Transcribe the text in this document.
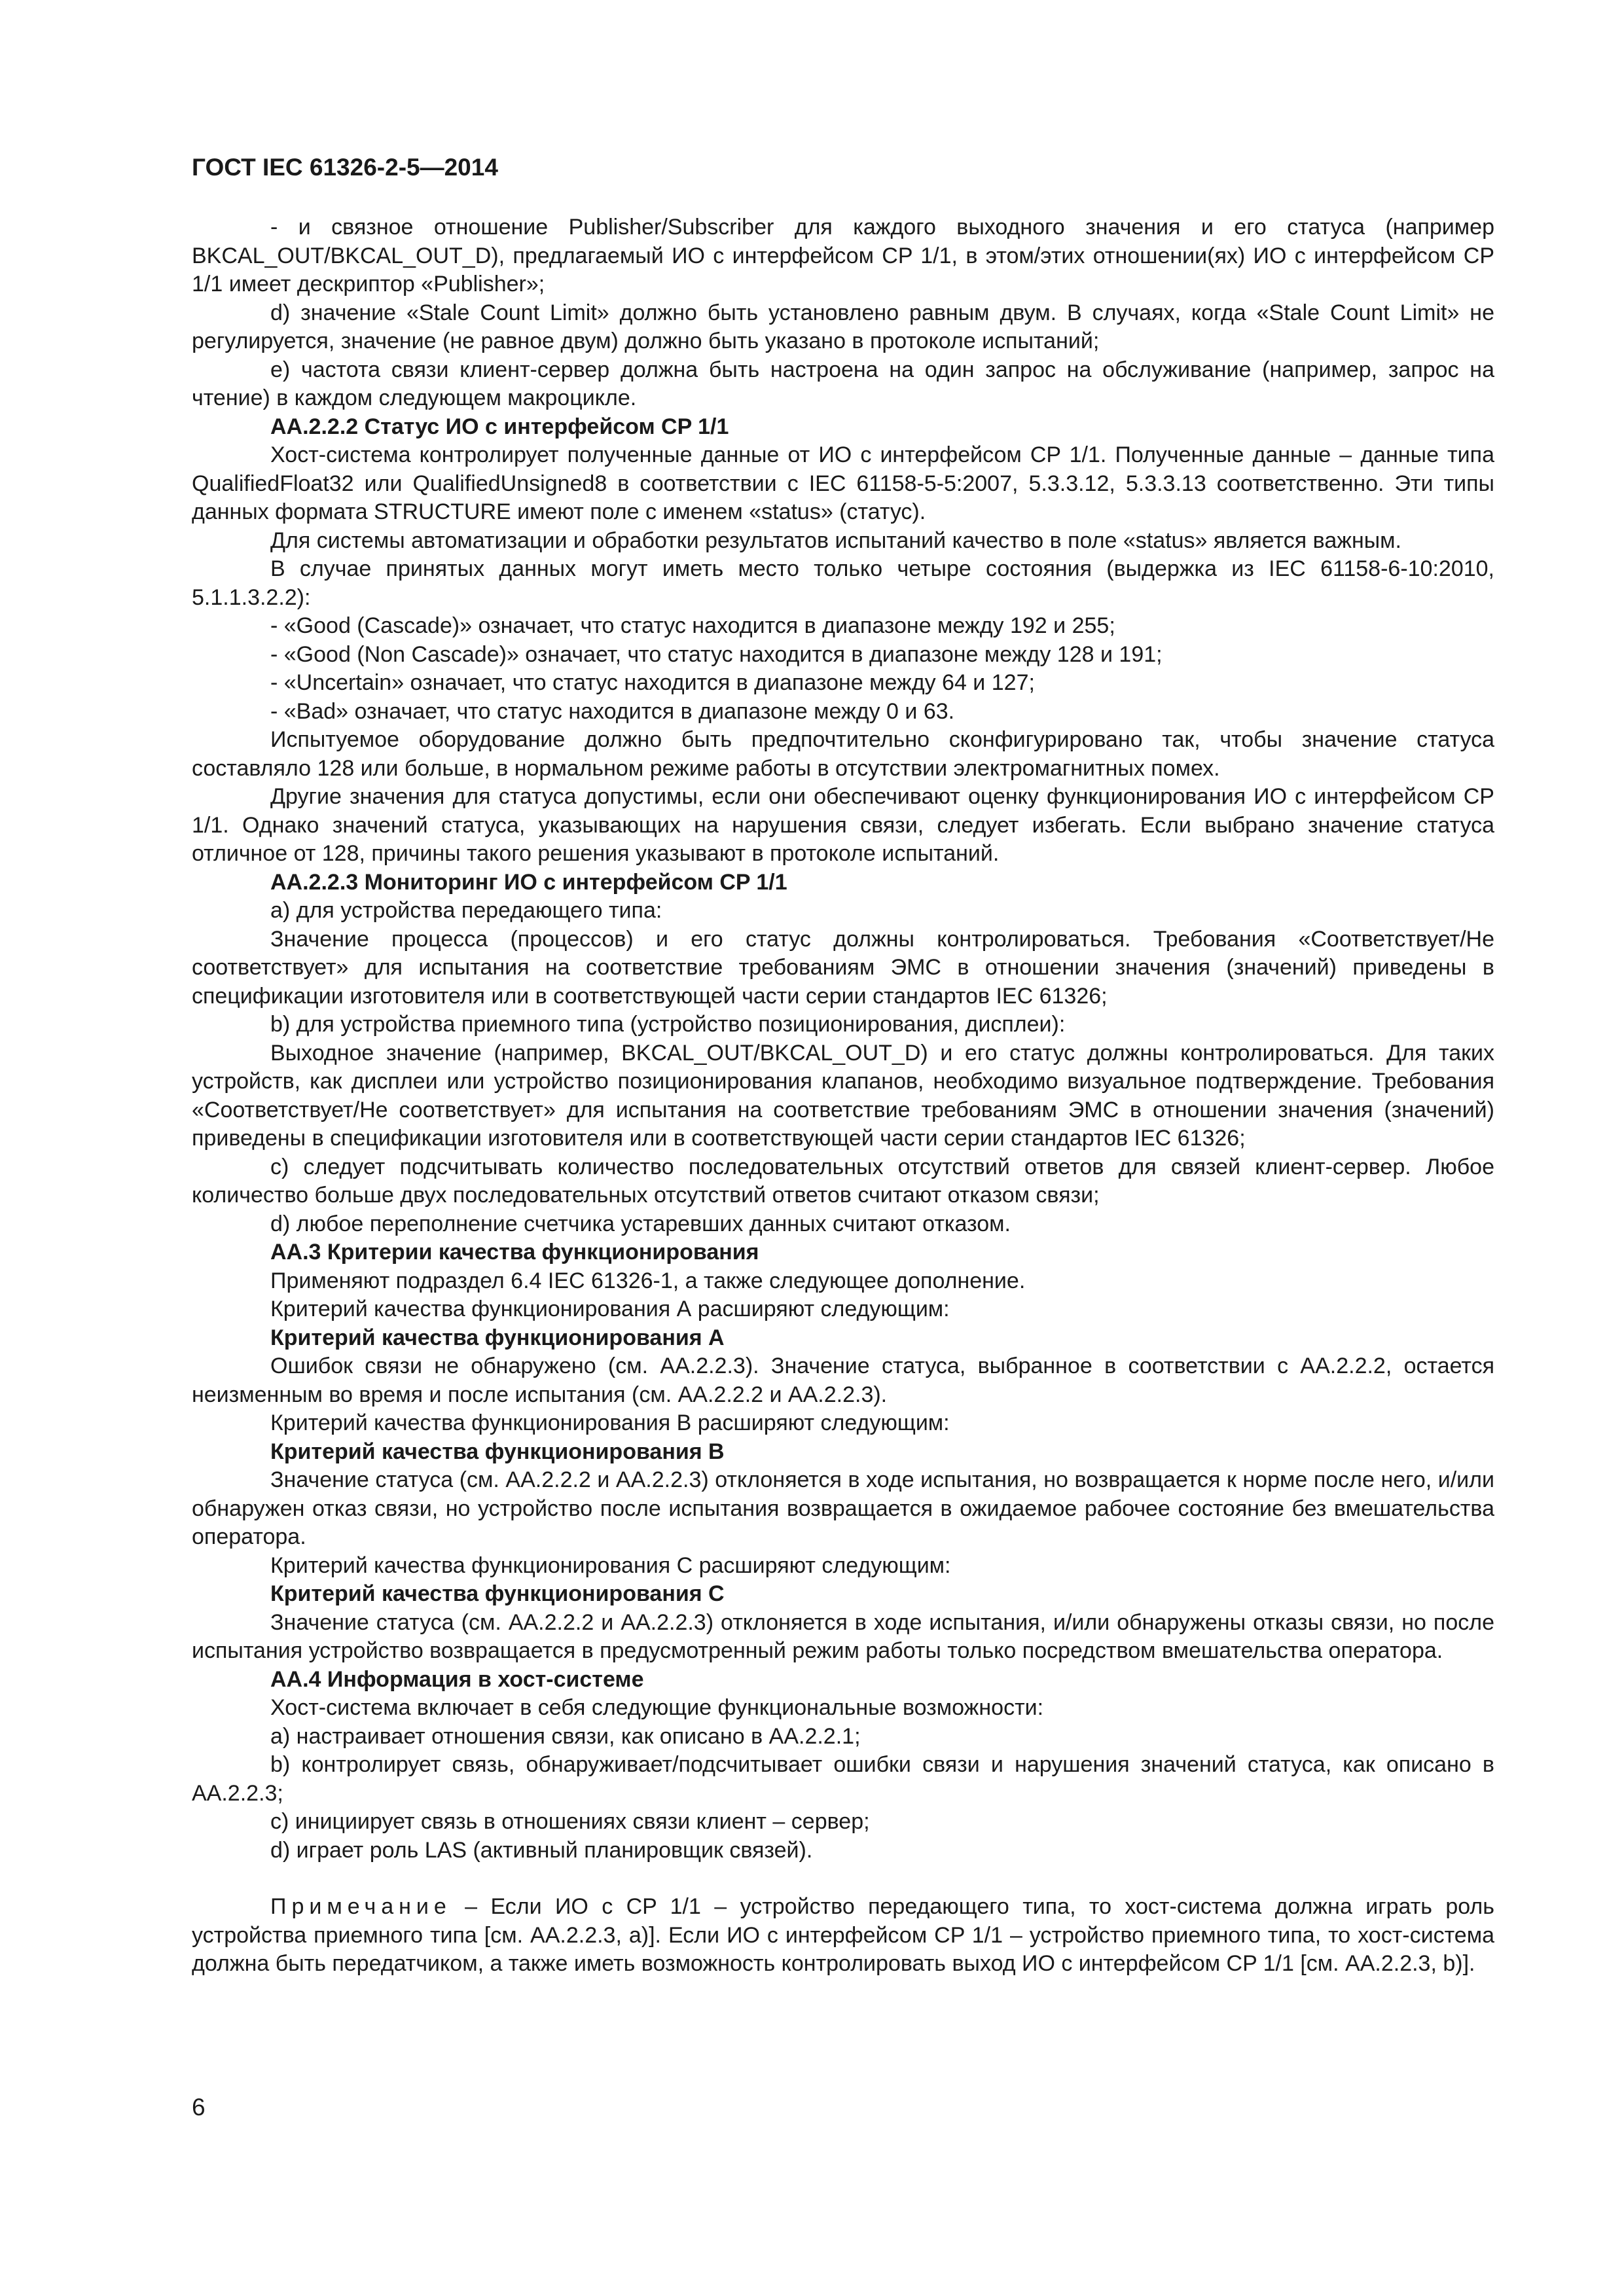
ГОСТ IEC 61326-2-5—2014

- и связное отношение Publisher/Subscriber для каждого выходного значения и его статуса (например BKCAL_OUT/BKCAL_OUT_D), предлагаемый ИО с интерфейсом CP 1/1, в этом/этих отношении(ях) ИО с интерфейсом CP 1/1 имеет дескриптор «Publisher»;

d) значение «Stale Count Limit» должно быть установлено равным двум. В случаях, когда «Stale Count Limit» не регулируется, значение (не равное двум) должно быть указано в протоколе испытаний;

e) частота связи клиент-сервер должна быть настроена на один запрос на обслуживание (например, запрос на чтение) в каждом следующем макроцикле.

АА.2.2.2 Статус ИО с интерфейсом CP 1/1

Хост-система контролирует полученные данные от ИО с интерфейсом CP 1/1. Полученные данные – данные типа QualifiedFloat32 или QualifiedUnsigned8 в соответствии с IEC 61158-5-5:2007, 5.3.3.12, 5.3.3.13 соответственно. Эти типы данных формата STRUCTURE имеют поле с именем «status» (статус).

Для системы автоматизации и обработки результатов испытаний качество в поле «status» является важным.

В случае принятых данных могут иметь место только четыре состояния (выдержка из IEC 61158-6-10:2010, 5.1.1.3.2.2):

- «Good (Cascade)» означает, что статус находится в диапазоне между 192 и 255;

- «Good (Non Cascade)» означает, что статус находится в диапазоне между 128 и 191;

- «Uncertain» означает, что статус находится в диапазоне между 64 и 127;

- «Bad» означает, что статус находится в диапазоне между 0 и 63.

Испытуемое оборудование должно быть предпочтительно сконфигурировано так, чтобы значение статуса составляло 128 или больше, в нормальном режиме работы в отсутствии электромагнитных помех.

Другие значения для статуса допустимы, если они обеспечивают оценку функционирования ИО с интерфейсом CP 1/1. Однако значений статуса, указывающих на нарушения связи, следует избегать. Если выбрано значение статуса отличное от 128, причины такого решения указывают в протоколе испытаний.

АА.2.2.3 Мониторинг ИО с интерфейсом CP 1/1

a) для устройства передающего типа:

Значение процесса (процессов) и его статус должны контролироваться. Требования «Соответствует/Не соответствует» для испытания на соответствие требованиям ЭМС в отношении значения (значений) приведены в спецификации изготовителя или в соответствующей части серии стандартов IEC 61326;

b) для устройства приемного типа (устройство позиционирования, дисплеи):

Выходное значение (например, BKCAL_OUT/BKCAL_OUT_D) и его статус должны контролироваться. Для таких устройств, как дисплеи или устройство позиционирования клапанов, необходимо визуальное подтверждение. Требования «Соответствует/Не соответствует» для испытания на соответствие требованиям ЭМС в отношении значения (значений) приведены в спецификации изготовителя или в соответствующей части серии стандартов IEC 61326;

c) следует подсчитывать количество последовательных отсутствий ответов для связей клиент-сервер. Любое количество больше двух последовательных отсутствий ответов считают отказом связи;

d) любое переполнение счетчика устаревших данных считают отказом.

АА.3 Критерии качества функционирования

Применяют подраздел 6.4 IEC 61326-1, а также следующее дополнение.

Критерий качества функционирования А расширяют следующим:

Критерий качества функционирования А

Ошибок связи не обнаружено (см. АА.2.2.3). Значение статуса, выбранное в соответствии с АА.2.2.2, остается неизменным во время и после испытания (см. АА.2.2.2 и АА.2.2.3).

Критерий качества функционирования B расширяют следующим:

Критерий качества функционирования B

Значение статуса (см. АА.2.2.2 и АА.2.2.3) отклоняется в ходе испытания, но возвращается к норме после него, и/или обнаружен отказ связи, но устройство после испытания возвращается в ожидаемое рабочее состояние без вмешательства оператора.

Критерий качества функционирования С расширяют следующим:

Критерий качества функционирования С

Значение статуса (см. АА.2.2.2 и АА.2.2.3) отклоняется в ходе испытания, и/или обнаружены отказы связи, но после испытания устройство возвращается в предусмотренный режим работы только посредством вмешательства оператора.

АА.4 Информация в хост-системе

Хост-система включает в себя следующие функциональные возможности:

a) настраивает отношения связи, как описано в АА.2.2.1;

b) контролирует связь, обнаруживает/подсчитывает ошибки связи и нарушения значений статуса, как описано в АА.2.2.3;

c) инициирует связь в отношениях связи клиент – сервер;

d) играет роль LAS (активный планировщик связей).

Примечание – Если ИО с CP 1/1 – устройство передающего типа, то хост-система должна играть роль устройства приемного типа [см. АА.2.2.3, а)]. Если ИО с интерфейсом CP 1/1 – устройство приемного типа, то хост-система должна быть передатчиком, а также иметь возможность контролировать выход ИО с интерфейсом CP 1/1 [см. АА.2.2.3, b)].

6
